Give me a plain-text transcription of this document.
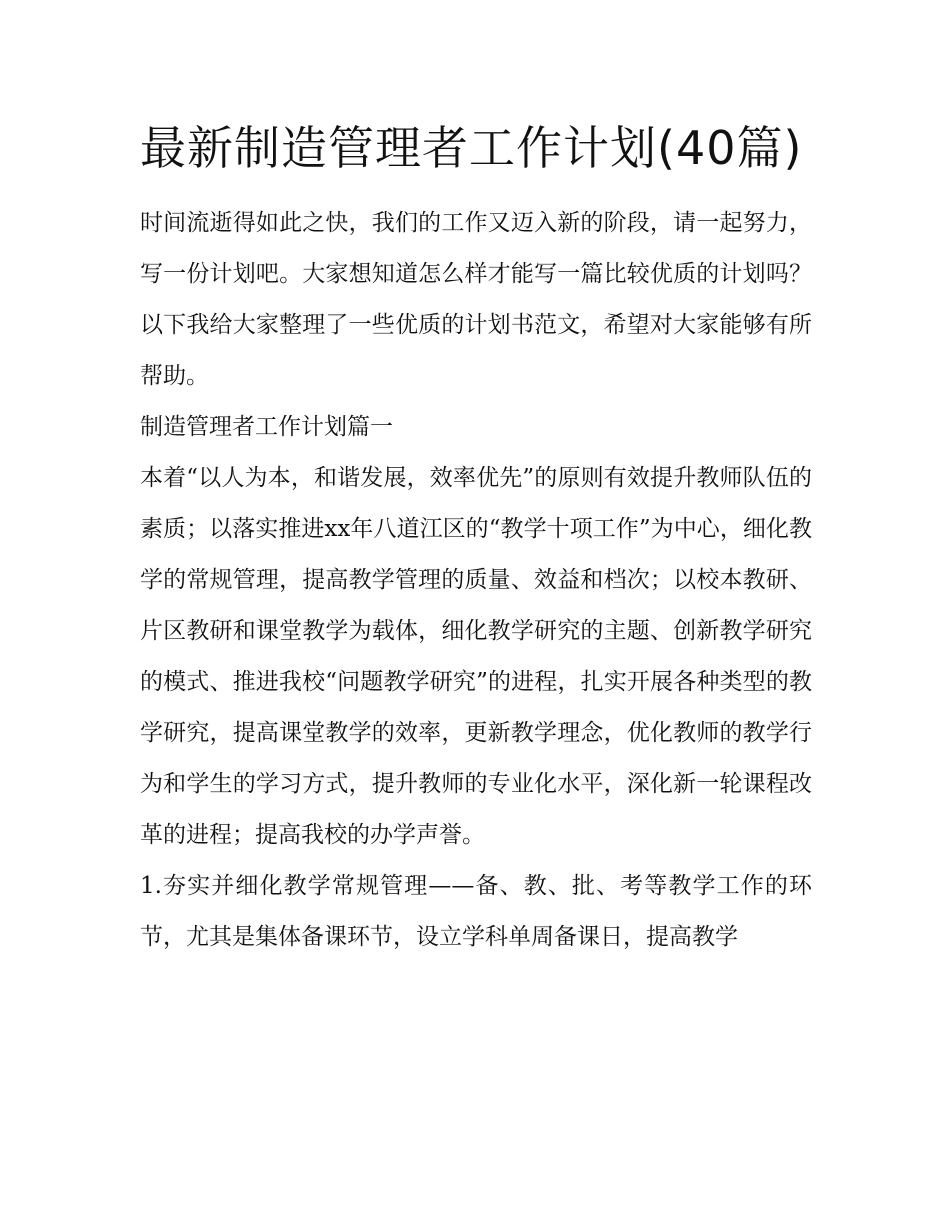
最新制造管理者工作计划(40篇)

时间流逝得如此之快，我们的工作又迈入新的阶段，请一起努力，写一份计划吧。大家想知道怎么样才能写一篇比较优质的计划吗？以下我给大家整理了一些优质的计划书范文，希望对大家能够有所帮助。

制造管理者工作计划篇一

本着“以人为本，和谐发展，效率优先”的原则有效提升教师队伍的素质；以落实推进xx年八道江区的“教学十项工作”为中心，细化教学的常规管理，提高教学管理的质量、效益和档次；以校本教研、片区教研和课堂教学为载体，细化教学研究的主题、创新教学研究的模式、推进我校“问题教学研究”的进程，扎实开展各种类型的教学研究，提高课堂教学的效率，更新教学理念，优化教师的教学行为和学生的学习方式，提升教师的专业化水平，深化新一轮课程改革的进程；提高我校的办学声誉。

1.夯实并细化教学常规管理——备、教、批、考等教学工作的环节，尤其是集体备课环节，设立学科单周备课日，提高教学
